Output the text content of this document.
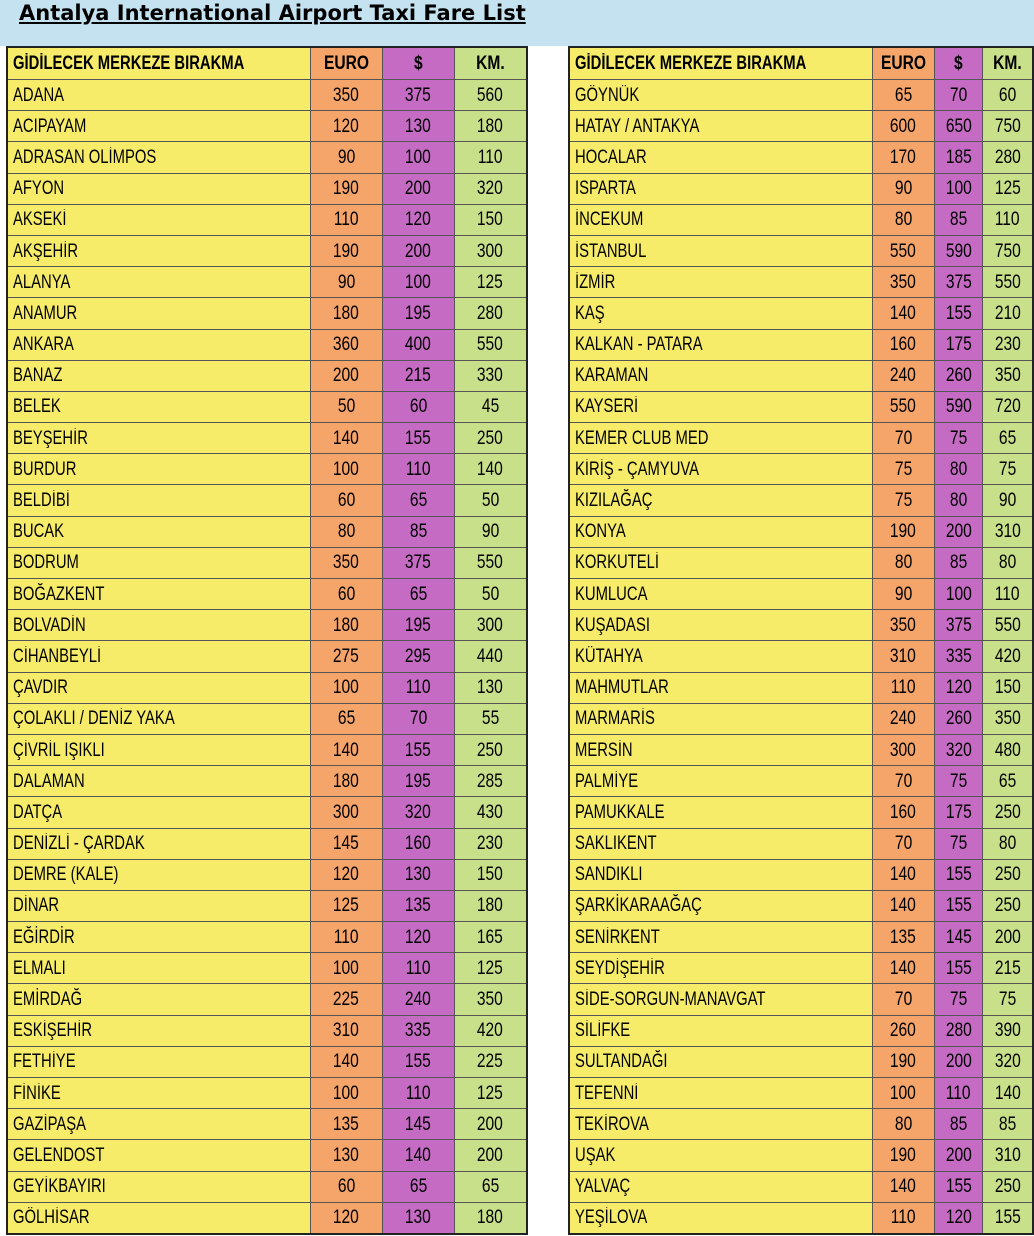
Antalya International Airport Taxi Fare List
GİDİLECEK MERKEZE BIRAKMA	EURO	$	KM.
ADANA	350	375	560
ACIPAYAM	120	130	180
ADRASAN OLİMPOS	90	100	110
AFYON	190	200	320
AKSEKİ	110	120	150
AKŞEHİR	190	200	300
ALANYA	90	100	125
ANAMUR	180	195	280
ANKARA	360	400	550
BANAZ	200	215	330
BELEK	50	60	45
BEYŞEHİR	140	155	250
BURDUR	100	110	140
BELDİBİ	60	65	50
BUCAK	80	85	90
BODRUM	350	375	550
BOĞAZKENT	60	65	50
BOLVADİN	180	195	300
CİHANBEYLİ	275	295	440
ÇAVDIR	100	110	130
ÇOLAKLI / DENİZ YAKA	65	70	55
ÇİVRİL IŞIKLI	140	155	250
DALAMAN	180	195	285
DATÇA	300	320	430
DENİZLİ - ÇARDAK	145	160	230
DEMRE (KALE)	120	130	150
DİNAR	125	135	180
EĞİRDİR	110	120	165
ELMALI	100	110	125
EMİRDAĞ	225	240	350
ESKİŞEHİR	310	335	420
FETHİYE	140	155	225
FİNİKE	100	110	125
GAZİPAŞA	135	145	200
GELENDOST	130	140	200
GEYİKBAYIRI	60	65	65
GÖLHİSAR	120	130	180
GİDİLECEK MERKEZE BIRAKMA	EURO	$	KM.
GÖYNÜK	65	70	60
HATAY / ANTAKYA	600	650	750
HOCALAR	170	185	280
ISPARTA	90	100	125
İNCEKUM	80	85	110
İSTANBUL	550	590	750
İZMİR	350	375	550
KAŞ	140	155	210
KALKAN - PATARA	160	175	230
KARAMAN	240	260	350
KAYSERİ	550	590	720
KEMER CLUB MED	70	75	65
KİRİŞ - ÇAMYUVA	75	80	75
KIZILAĞAÇ	75	80	90
KONYA	190	200	310
KORKUTELİ	80	85	80
KUMLUCA	90	100	110
KUŞADASI	350	375	550
KÜTAHYA	310	335	420
MAHMUTLAR	110	120	150
MARMARİS	240	260	350
MERSİN	300	320	480
PALMİYE	70	75	65
PAMUKKALE	160	175	250
SAKLIKENT	70	75	80
SANDIKLI	140	155	250
ŞARKİKARAAĞAÇ	140	155	250
SENİRKENT	135	145	200
SEYDİŞEHİR	140	155	215
SİDE-SORGUN-MANAVGAT	70	75	75
SİLİFKE	260	280	390
SULTANDAĞI	190	200	320
TEFENNİ	100	110	140
TEKİROVA	80	85	85
UŞAK	190	200	310
YALVAÇ	140	155	250
YEŞİLOVA	110	120	155
